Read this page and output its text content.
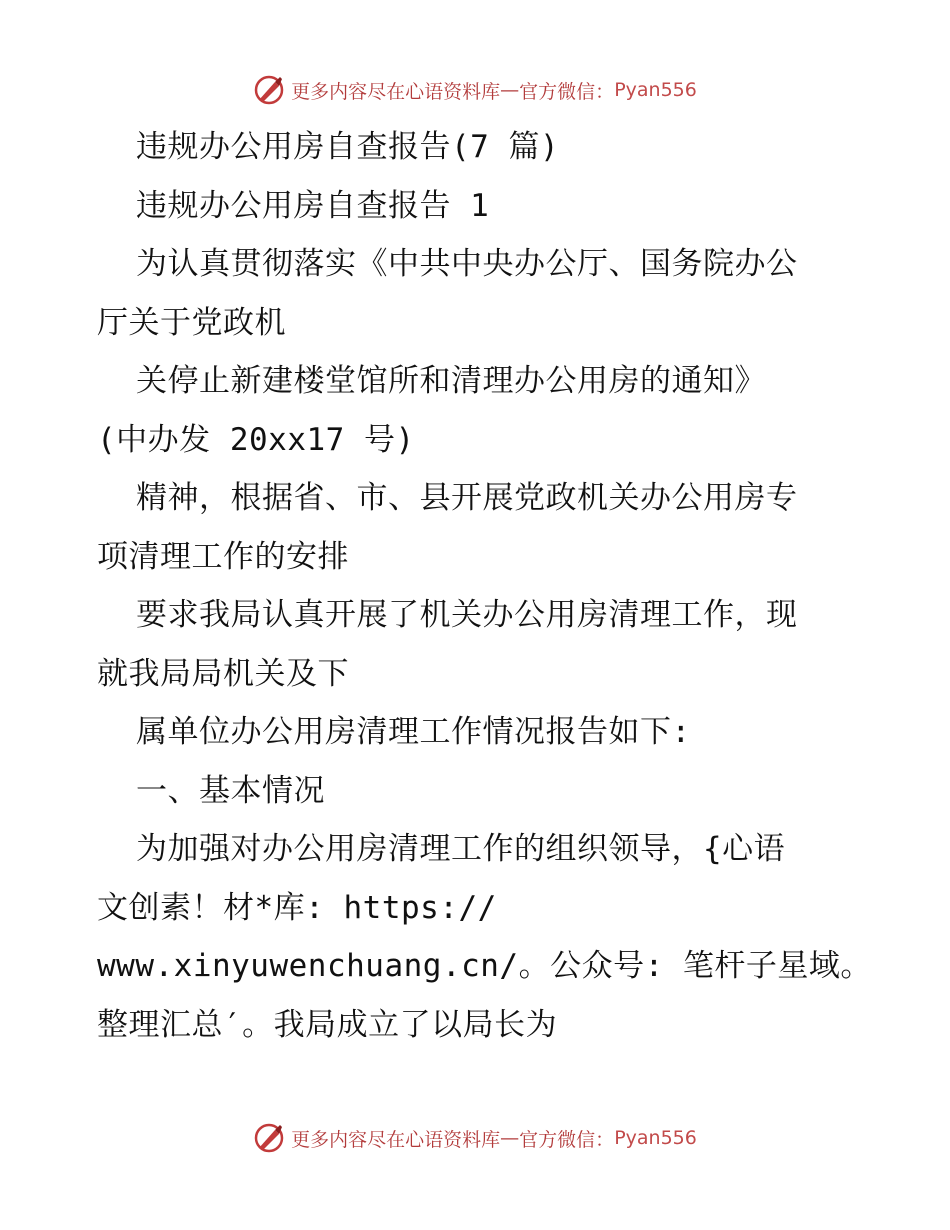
更多内容尽在心语资料库 — 官方微信： Pyan556
违规办公用房自查报告(7 篇)
违规办公用房自查报告 1
为认真贯彻落实《中共中央办公厅、国务院办公
厅关于党政机
关停止新建楼堂馆所和清理办公用房的通知》
(中办发 20xx17 号)
精神，根据省、市、县开展党政机关办公用房专
项清理工作的安排
要求我局认真开展了机关办公用房清理工作，现
就我局局机关及下
属单位办公用房清理工作情况报告如下:
一、基本情况
为加强对办公用房清理工作的组织领导，{心语
文创素！材*库: https://
www.xinyuwenchuang.cn/。公众号: 笔杆子星域。
整理汇总′。我局成立了以局长为
更多内容尽在心语资料库 — 官方微信： Pyan556
